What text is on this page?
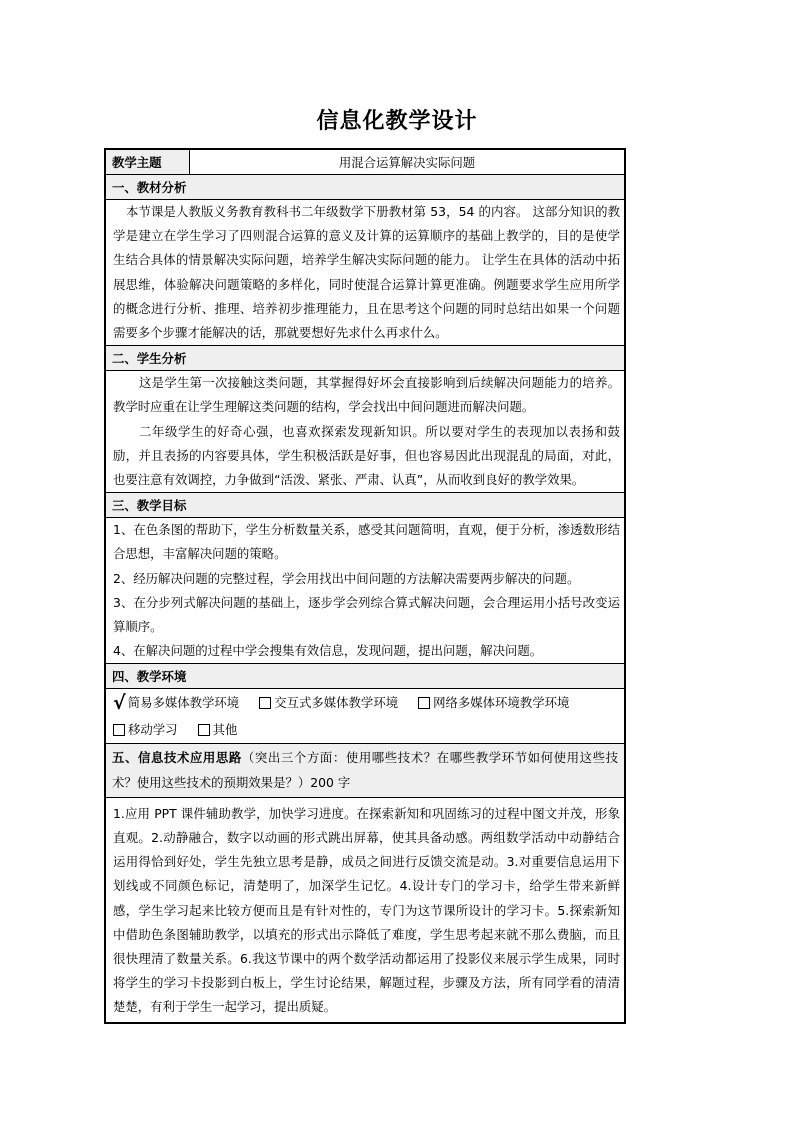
信息化教学设计
教学主题	用混合运算解决实际问题
一、教材分析

本节课是人教版义务教育教科书二年级数学下册教材第 53，54 的内容。 这部分知识的教学是建立在学生学习了四则混合运算的意义及计算的运算顺序的基础上教学的，目的是使学生结合具体的情景解决实际问题，培养学生解决实际问题的能力。 让学生在具体的活动中拓展思维，体验解决问题策略的多样化，同时使混合运算计算更准确。例题要求学生应用所学的概念进行分析、推理、培养初步推理能力，且在思考这个问题的同时总结出如果一个问题需要多个步骤才能解决的话，那就要想好先求什么再求什么。

二、学生分析

这是学生第一次接触这类问题，其掌握得好坏会直接影响到后续解决问题能力的培养。教学时应重在让学生理解这类问题的结构，学会找出中间问题进而解决问题。

二年级学生的好奇心强，也喜欢探索发现新知识。所以要对学生的表现加以表扬和鼓励，并且表扬的内容要具体，学生积极活跃是好事，但也容易因此出现混乱的局面，对此，也要注意有效调控，力争做到“活泼、紧张、严肃、认真”，从而收到良好的教学效果。

三、教学目标

1、在色条图的帮助下，学生分析数量关系，感受其问题简明，直观，便于分析，渗透数形结合思想，丰富解决问题的策略。

2、经历解决问题的完整过程，学会用找出中间问题的方法解决需要两步解决的问题。

3、在分步列式解决问题的基础上，逐步学会列综合算式解决问题，会合理运用小括号改变运算顺序。

4、在解决问题的过程中学会搜集有效信息，发现问题，提出问题，解决问题。

四、教学环境
√ 简易多媒体教学环境	交互式多媒体教学环境	网络多媒体环境教学环境
移动学习	其他

五、信息技术应用思路（突出三个方面：使用哪些技术？在哪些教学环节如何使用这些技术？使用这些技术的预期效果是？）200 字

1.应用 PPT 课件辅助教学，加快学习进度。在探索新知和巩固练习的过程中图文并茂，形象直观。2.动静融合，数字以动画的形式跳出屏幕，使其具备动感。两组数学活动中动静结合运用得恰到好处，学生先独立思考是静，成员之间进行反馈交流是动。3.对重要信息运用下划线或不同颜色标记，清楚明了，加深学生记忆。4.设计专门的学习卡，给学生带来新鲜感，学生学习起来比较方便而且是有针对性的，专门为这节课所设计的学习卡。5.探索新知中借助色条图辅助教学，以填充的形式出示降低了难度，学生思考起来就不那么费脑，而且很快理清了数量关系。6.我这节课中的两个数学活动都运用了投影仪来展示学生成果，同时将学生的学习卡投影到白板上，学生讨论结果，解题过程，步骤及方法，所有同学看的清清楚楚，有利于学生一起学习，提出质疑。
